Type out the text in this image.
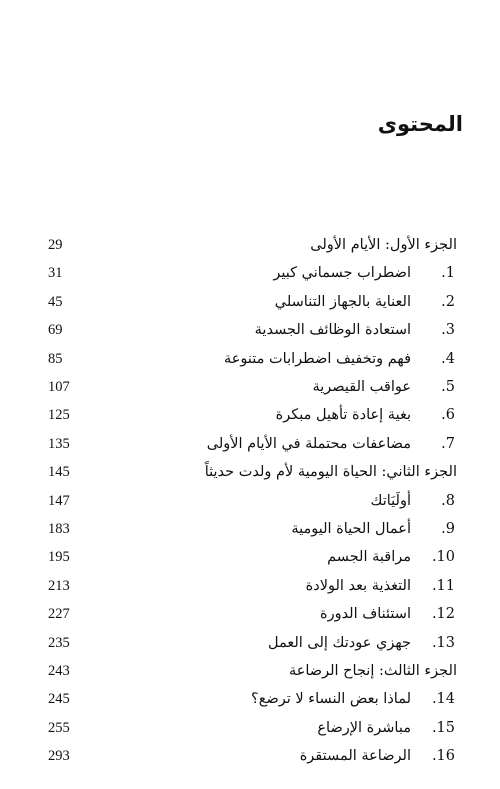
المحتوى
الجزء الأول: الأيام الأولى
29
1.اضطراب جسماني كبير
31
2.العناية بالجهاز التناسلي
45
3.استعادة الوظائف الجسدية
69
4.فهم وتخفيف اضطرابات متنوعة
85
5.عواقب القيصرية
107
6.بغية إعادة تأهيل مبكرة
125
7.مضاعفات محتملة في الأيام الأولى
135
الجزء الثاني: الحياة اليومية لأم ولدت حديثاً
145
8.أولَيَاتك
147
9.أعمال الحياة اليومية
183
10.مراقبة الجسم
195
11.التغذية بعد الولادة
213
12.استئناف الدورة
227
13.جهزي عودتك إلى العمل
235
الجزء الثالث: إنجاح الرضاعة
243
14.لماذا بعض النساء لا ترضع؟
245
15.مباشرة الإرضاع
255
16.الرضاعة المستقرة
293
